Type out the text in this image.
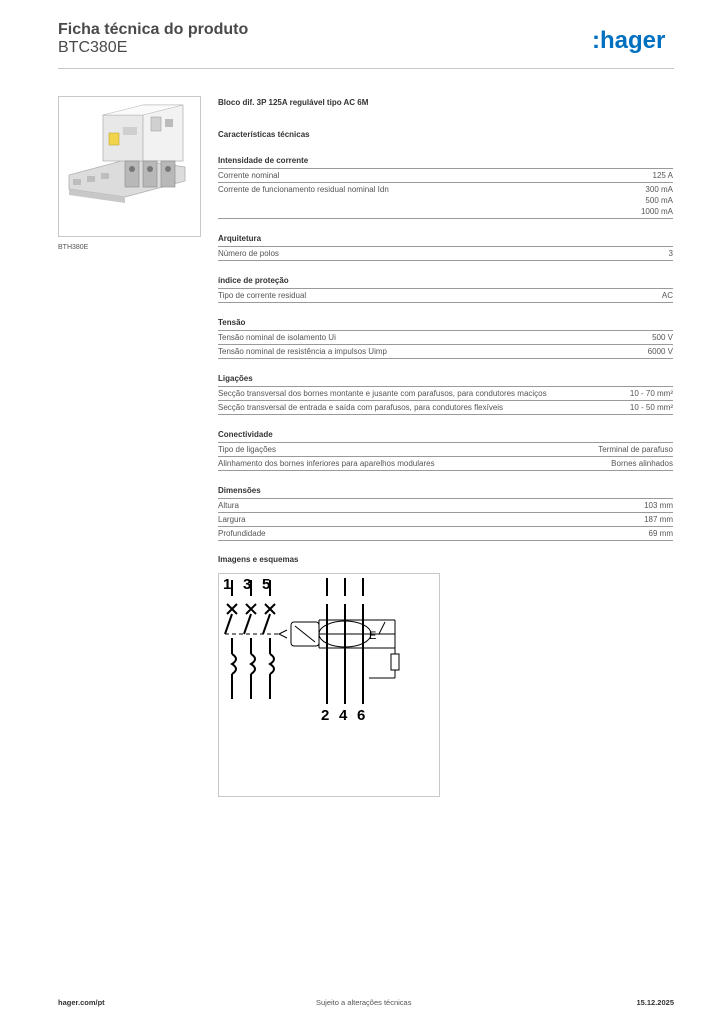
Ficha técnica do produto
BTC380E	:hager
BTH380E
Bloco dif. 3P 125A regulável tipo AC 6M
Características técnicas
Intensidade de corrente
Corrente nominal	125 A
Corrente de funcionamento residual nominal Idn	300 mA
500 mA
1000 mA
Arquitetura
Número de polos	3
índice de proteção
Tipo de corrente residual	AC
Tensão
Tensão nominal de isolamento Ui	500 V
Tensão nominal de resistência a impulsos Uimp	6000 V
Ligações
Secção transversal dos bornes montante e jusante com parafusos, para condutores maciços	10 - 70 mm²
Secção transversal de entrada e saída com parafusos, para condutores flexíveis	10 - 50 mm²
Conectividade
Tipo de ligações	Terminal de parafuso
Alinhamento dos bornes inferiores para aparelhos modulares	Bornes alinhados
Dimensões
Altura	103 mm
Largura	187 mm
Profundidade	69 mm
Imagens e esquemas
1 3 5
2 4 6
E
hager.com/pt	Sujeito a alterações técnicas	15.12.2025
